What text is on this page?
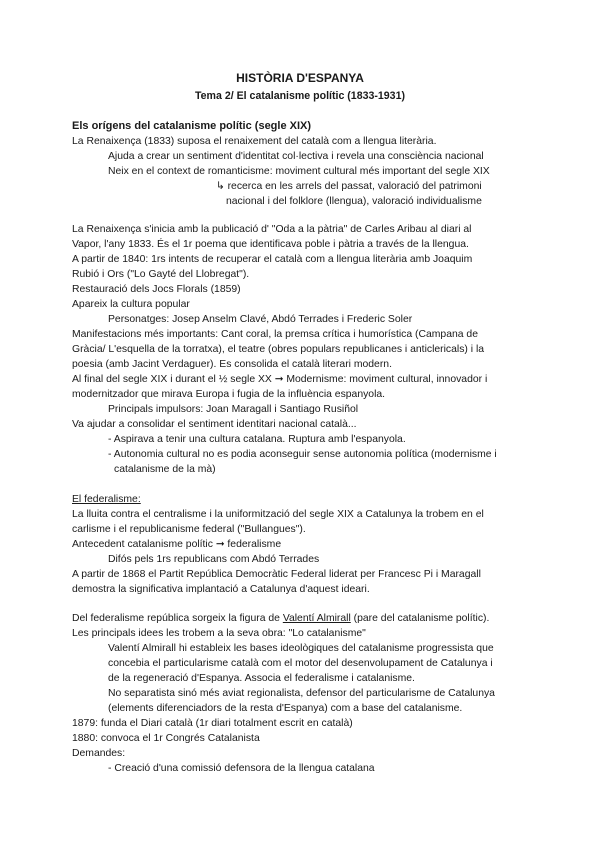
HISTÒRIA D'ESPANYA
Tema 2/ El catalanisme polític (1833-1931)
Els orígens del catalanisme polític (segle XIX)
La Renaixença (1833) suposa el renaixement del català com a llengua literària.
Ajuda a crear un sentiment d'identitat col·lectiva i revela una consciència nacional
Neix en el context de romanticisme: moviment cultural més important del segle XIX
↳ recerca en les arrels del passat, valoració del patrimoni
nacional i del folklore (llengua), valoració individualisme
La Renaixença s'inicia amb la publicació d' "Oda a la pàtria" de Carles Aribau al diari al
Vapor, l'any 1833. És el 1r poema que identificava poble i pàtria a través de la llengua.
A partir de 1840: 1rs intents de recuperar el català com a llengua literària amb Joaquim
Rubió i Ors ("Lo Gayté del Llobregat").
Restauració dels Jocs Florals (1859)
Apareix la cultura popular
Personatges: Josep Anselm Clavé, Abdó Terrades i Frederic Soler
Manifestacions més importants: Cant coral, la premsa crítica i humorística (Campana de
Gràcia/ L'esquella de la torratxa), el teatre (obres populars republicanes i anticlericals) i la
poesia (amb Jacint Verdaguer). Es consolida el català literari modern.
Al final del segle XIX i durant el ½ segle XX ➞ Modernisme: moviment cultural, innovador i
modernitzador que mirava Europa i fugia de la influència espanyola.
Principals impulsors: Joan Maragall i Santiago Rusiñol
Va ajudar a consolidar el sentiment identitari nacional català...
- Aspirava a tenir una cultura catalana. Ruptura amb l'espanyola.
- Autonomia cultural no es podia aconseguir sense autonomia política (modernisme i
catalanisme de la mà)
El federalisme:
La lluita contra el centralisme i la uniformització del segle XIX a Catalunya la trobem en el
carlisme i el republicanisme federal ("Bullangues").
Antecedent catalanisme polític ➞ federalisme
Difós pels 1rs republicans com Abdó Terrades
A partir de 1868 el Partit República Democràtic Federal liderat per Francesc Pi i Maragall
demostra la significativa implantació a Catalunya d'aquest ideari.
Del federalisme república sorgeix la figura de Valentí Almirall (pare del catalanisme polític).
Les principals idees les trobem a la seva obra: "Lo catalanisme"
Valentí Almirall hi estableix les bases ideològiques del catalanisme progressista que
concebia el particularisme català com el motor del desenvolupament de Catalunya i
de la regeneració d'Espanya. Associa el federalisme i catalanisme.
No separatista sinó més aviat regionalista, defensor del particularisme de Catalunya
(elements diferenciadors de la resta d'Espanya) com a base del catalanisme.
1879: funda el Diari català (1r diari totalment escrit en català)
1880: convoca el 1r Congrés Catalanista
Demandes:
- Creació d'una comissió defensora de la llengua catalana
